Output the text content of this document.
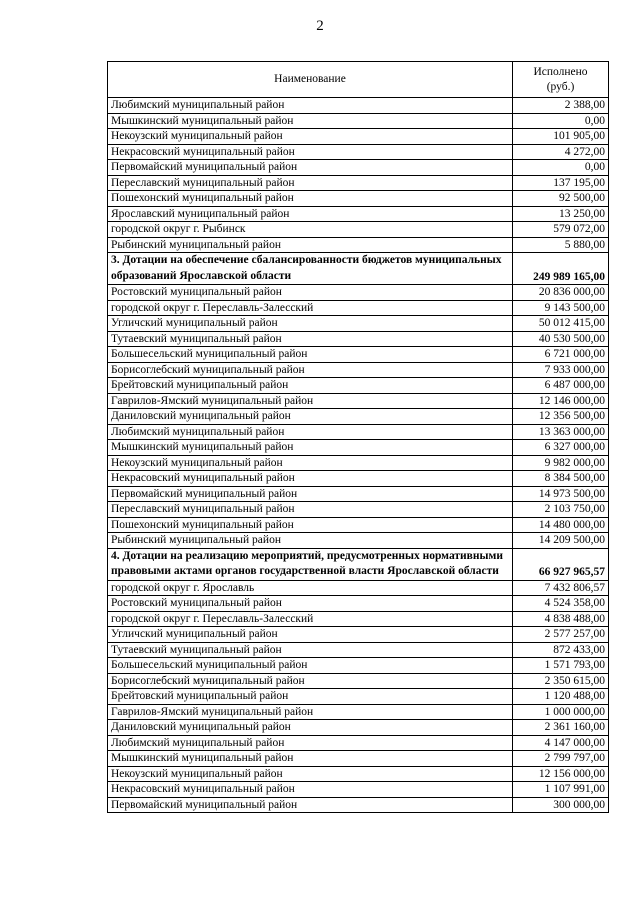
2
Наименование	Исполнено
(руб.)
Любимский муниципальный район	2 388,00
Мышкинский муниципальный район	0,00
Некоузский муниципальный район	101 905,00
Некрасовский муниципальный район	4 272,00
Первомайский муниципальный район	0,00
Переславский муниципальный район	137 195,00
Пошехонский муниципальный район	92 500,00
Ярославский муниципальный район	13 250,00
городской округ г. Рыбинск	579 072,00
Рыбинский муниципальный район	5 880,00
3. Дотации на обеспечение сбалансированности бюджетов муниципальных образований Ярославской области	249 989 165,00
Ростовский муниципальный район	20 836 000,00
городской округ г. Переславль-Залесский	9 143 500,00
Угличский муниципальный район	50 012 415,00
Тутаевский муниципальный район	40 530 500,00
Большесельский муниципальный район	6 721 000,00
Борисоглебский муниципальный район	7 933 000,00
Брейтовский муниципальный район	6 487 000,00
Гаврилов-Ямский муниципальный район	12 146 000,00
Даниловский муниципальный район	12 356 500,00
Любимский муниципальный район	13 363 000,00
Мышкинский муниципальный район	6 327 000,00
Некоузский муниципальный район	9 982 000,00
Некрасовский муниципальный район	8 384 500,00
Первомайский муниципальный район	14 973 500,00
Переславский муниципальный район	2 103 750,00
Пошехонский муниципальный район	14 480 000,00
Рыбинский муниципальный район	14 209 500,00
4. Дотации на реализацию мероприятий, предусмотренных нормативными правовыми актами органов государственной власти Ярославской области	66 927 965,57
городской округ г. Ярославль	7 432 806,57
Ростовский муниципальный район	4 524 358,00
городской округ г. Переславль-Залесский	4 838 488,00
Угличский муниципальный район	2 577 257,00
Тутаевский муниципальный район	872 433,00
Большесельский муниципальный район	1 571 793,00
Борисоглебский муниципальный район	2 350 615,00
Брейтовский муниципальный район	1 120 488,00
Гаврилов-Ямский муниципальный район	1 000 000,00
Даниловский муниципальный район	2 361 160,00
Любимский муниципальный район	4 147 000,00
Мышкинский муниципальный район	2 799 797,00
Некоузский муниципальный район	12 156 000,00
Некрасовский муниципальный район	1 107 991,00
Первомайский муниципальный район	300 000,00
